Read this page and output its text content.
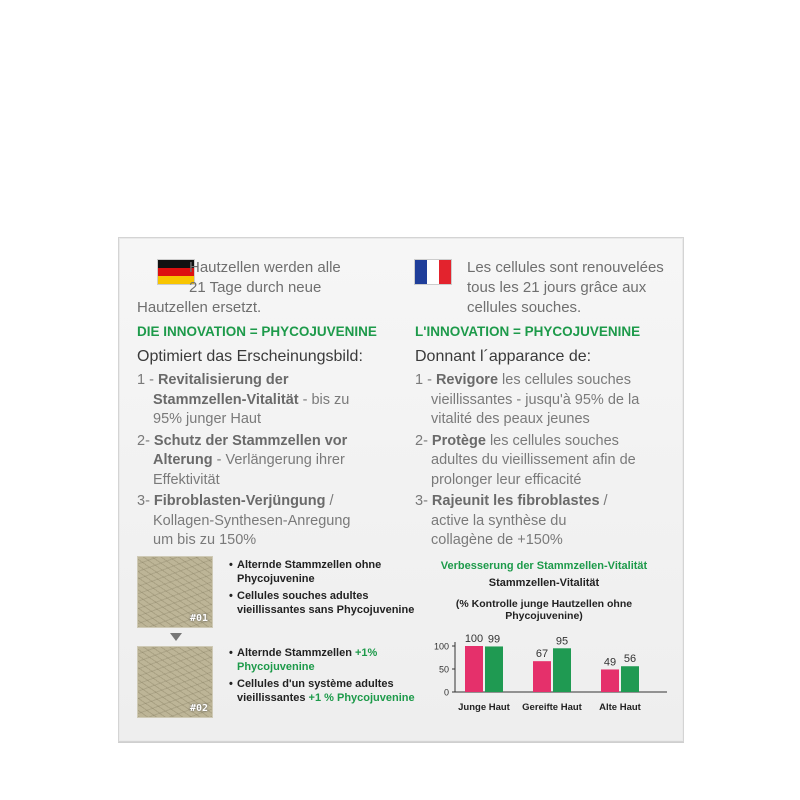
Hautzellen werden alle
21 Tage durch neue
Hautzellen ersetzt.
DIE INNOVATION = PHYCOJUVENINE
Optimiert das Erscheinungsbild:
1 - Revitalisierung der
Stammzellen-Vitalität - bis zu
95% junger Haut
2- Schutz der Stammzellen vor
Alterung - Verlängerung ihrer
Effektivität
3- Fibroblasten-Verjüngung /
Kollagen-Synthesen-Anregung
um bis zu 150%
Les cellules sont renouvelées
tous les 21 jours grâce aux
cellules souches.
L'INNOVATION = PHYCOJUVENINE
Donnant l´apparance de:
1 - Revigore les cellules souches
vieillissantes - jusqu'à 95% de la
vitalité des peaux jeunes
2- Protège les cellules souches
adultes du vieillissement afin de
prolonger leur efficacité
3- Rajeunit les fibroblastes /
active la synthèse du
collagène de +150%
#01
#02
• Alternde Stammzellen ohne
Phycojuvenine
• Cellules souches adultes
vieillissantes sans Phycojuvenine
• Alternde Stammzellen +1%
Phycojuvenine
• Cellules d'un système adultes
vieillissantes +1 % Phycojuvenine
Verbesserung der Stammzellen-Vitalität
Stammzellen-Vitalität
(% Kontrolle junge Hautzellen ohne Phycojuvenine)
0
50
100
100 99
Junge Haut
67
95
Gereifte Haut
49 56
Alte Haut
